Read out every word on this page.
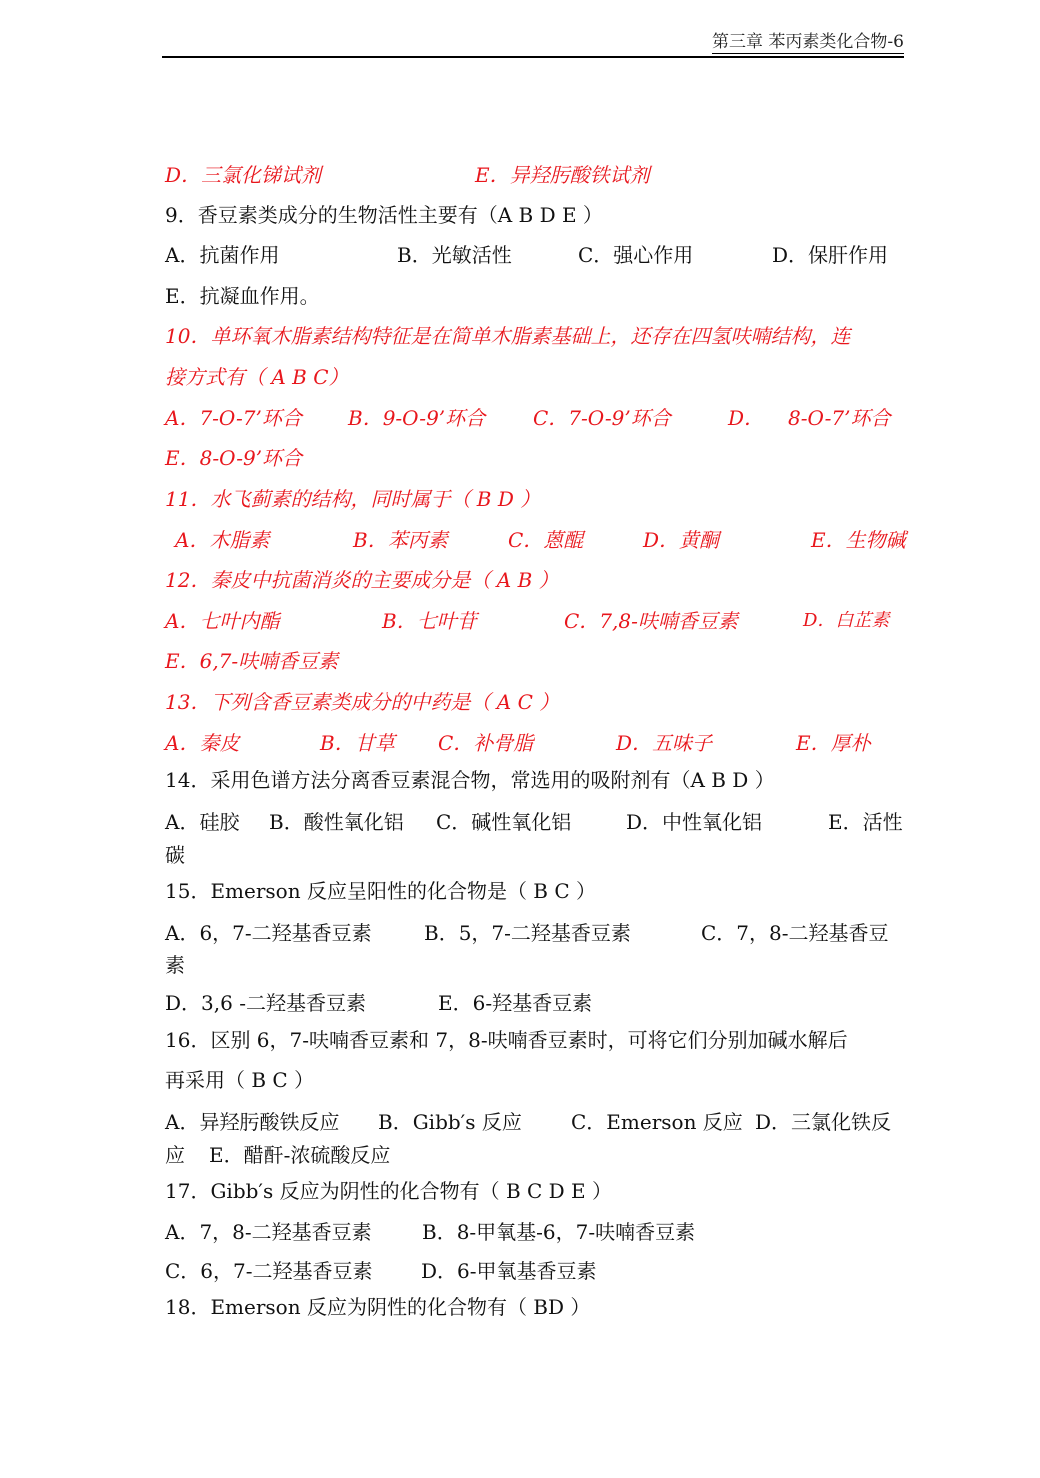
第三章 苯丙素类化合物-6
D．三氯化锑试剂	E．异羟肟酸铁试剂
9．香豆素类成分的生物活性主要有（A B D E ）
A．抗菌作用	B．光敏活性	C．强心作用	D．保肝作用
E．抗凝血作用。
10．单环氧木脂素结构特征是在简单木脂素基础上，还存在四氢呋喃结构，连
接方式有（ A B C）
A．7-O-7’环合 B．9-O-9’环合 C．7-O-9’环合	D． 8-O-7’环合
E．8-O-9’环合
11．水飞蓟素的结构，同时属于（ B D ）
A．木脂素	B．苯丙素	C．蒽醌	D．黄酮	E．生物碱
12．秦皮中抗菌消炎的主要成分是（ A B ）
A．七叶内酯	B．七叶苷	C．7,8-呋喃香豆素	D．白芷素
E．6,7-呋喃香豆素
13．下列含香豆素类成分的中药是（ A C ）
A．秦皮	B．甘草 C．补骨脂	D．五味子	E．厚朴
14．采用色谱方法分离香豆素混合物，常选用的吸附剂有（A B D ）
A．硅胶 B．酸性氧化铝 C．碱性氧化铝	D．中性氧化铝	E．活性
碳
15．Emerson 反应呈阳性的化合物是（ B C ）
A．6，7-二羟基香豆素	B．5，7-二羟基香豆素	C．7，8-二羟基香豆
素
D．3,6 -二羟基香豆素	E．6-羟基香豆素
16．区别 6，7-呋喃香豆素和 7，8-呋喃香豆素时，可将它们分别加碱水解后
再采用（ B C ）
A．异羟肟酸铁反应 B．Gibb′s 反应 C．Emerson 反应 D．三氯化铁反
应 E．醋酐-浓硫酸反应
17．Gibb′s 反应为阴性的化合物有（ B C D E ）
A．7，8-二羟基香豆素	B．8-甲氧基-6，7-呋喃香豆素
C．6，7-二羟基香豆素 D．6-甲氧基香豆素
18．Emerson 反应为阴性的化合物有（ BD ）
